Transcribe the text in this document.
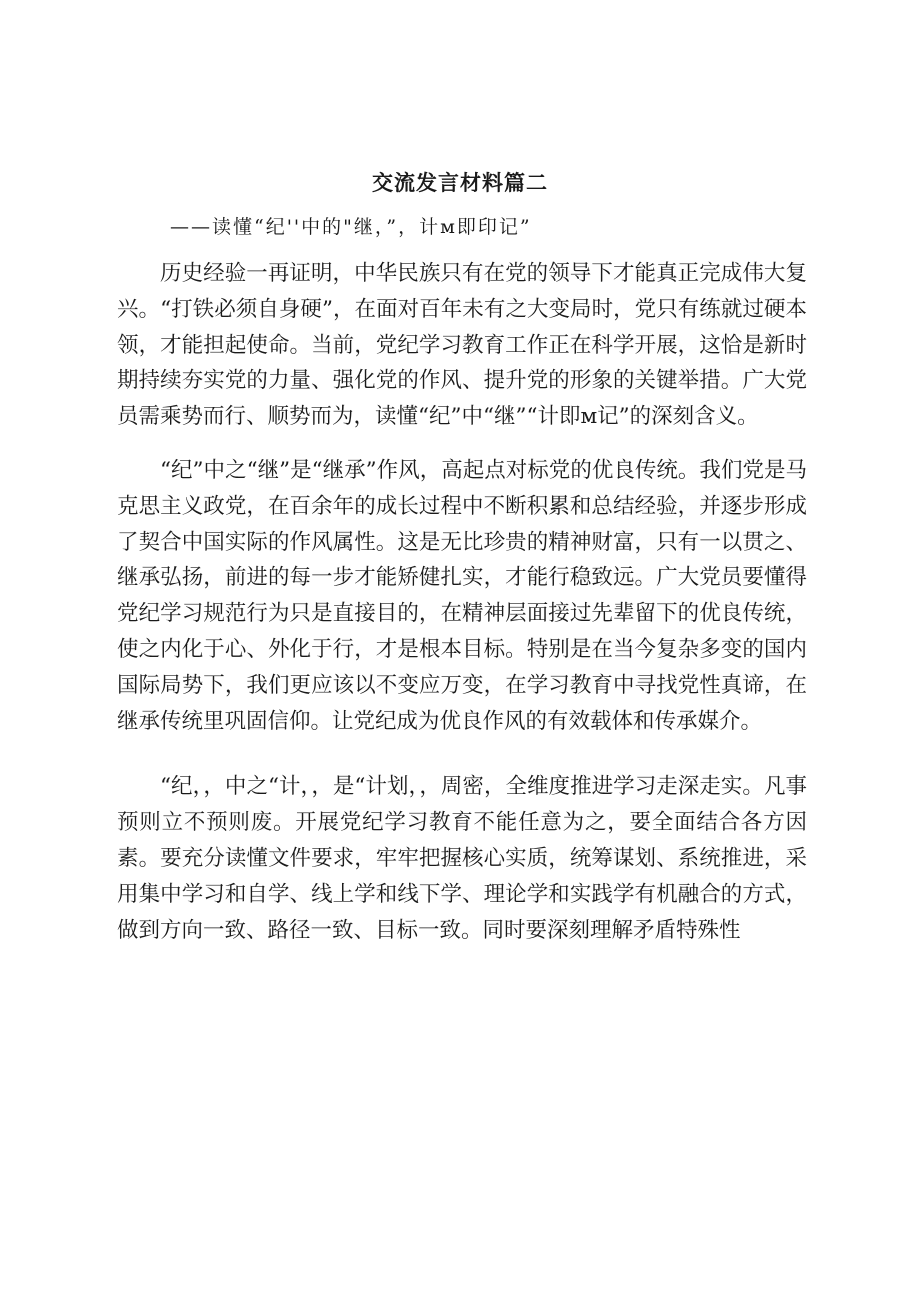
交流发言材料篇二
——读懂“纪''中的"继，”，计м即印记”

历史经验一再证明，中华民族只有在党的领导下才能真正完成伟大复兴。“打铁必须自身硬”，在面对百年未有之大变局时，党只有练就过硬本领，才能担起使命。当前，党纪学习教育工作正在科学开展，这恰是新时期持续夯实党的力量、强化党的作风、提升党的形象的关键举措。广大党员需乘势而行、顺势而为，读懂“纪”中“继”“计即м记”的深刻含义。

“纪”中之“继”是“继承”作风，高起点对标党的优良传统。我们党是马克思主义政党，在百余年的成长过程中不断积累和总结经验，并逐步形成了契合中国实际的作风属性。这是无比珍贵的精神财富，只有一以贯之、继承弘扬，前进的每一步才能矫健扎实，才能行稳致远。广大党员要懂得党纪学习规范行为只是直接目的，在精神层面接过先辈留下的优良传统，使之内化于心、外化于行，才是根本目标。特别是在当今复杂多变的国内国际局势下，我们更应该以不变应万变，在学习教育中寻找党性真谛，在继承传统里巩固信仰。让党纪成为优良作风的有效载体和传承媒介。

“纪，，中之“计，，是“计划，，周密，全维度推进学习走深走实。凡事预则立不预则废。开展党纪学习教育不能任意为之，要全面结合各方因素。要充分读懂文件要求，牢牢把握核心实质，统筹谋划、系统推进，采用集中学习和自学、线上学和线下学、理论学和实践学有机融合的方式，做到方向一致、路径一致、目标一致。同时要深刻理解矛盾特殊性
